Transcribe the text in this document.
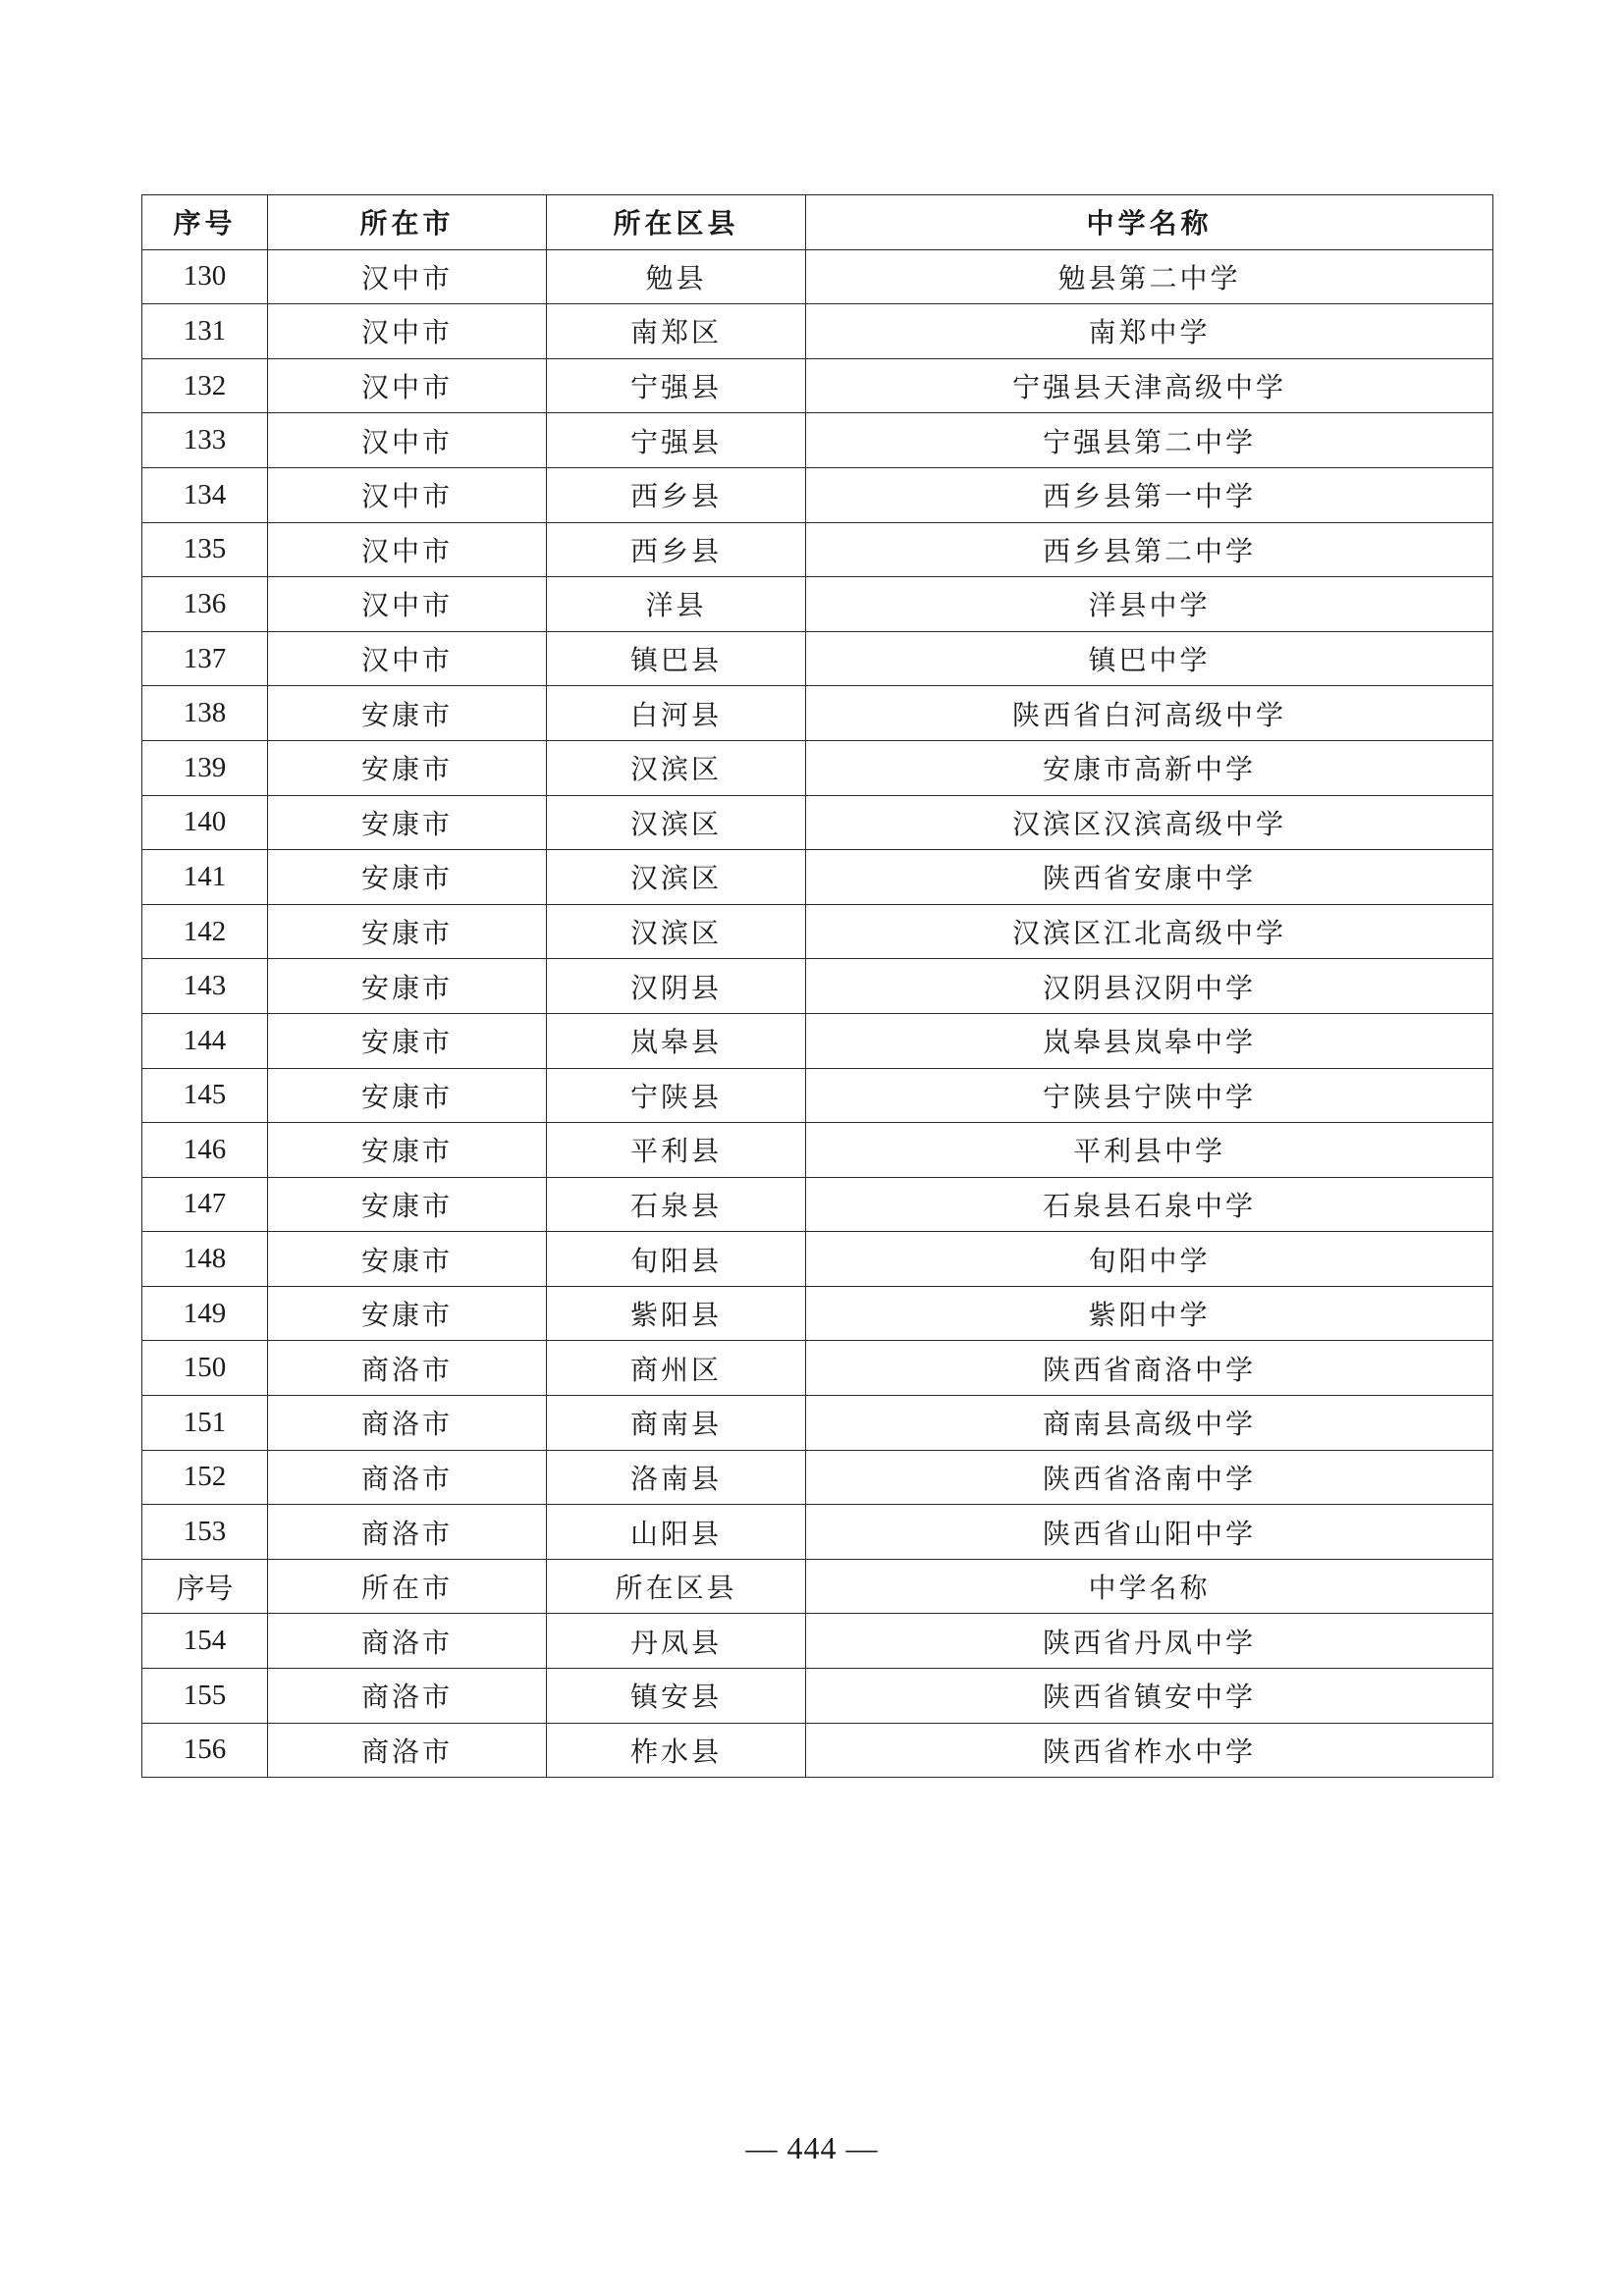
序号	所在市	所在区县	中学名称
130	汉中市	勉县	勉县第二中学
131	汉中市	南郑区	南郑中学
132	汉中市	宁强县	宁强县天津高级中学
133	汉中市	宁强县	宁强县第二中学
134	汉中市	西乡县	西乡县第一中学
135	汉中市	西乡县	西乡县第二中学
136	汉中市	洋县	洋县中学
137	汉中市	镇巴县	镇巴中学
138	安康市	白河县	陕西省白河高级中学
139	安康市	汉滨区	安康市高新中学
140	安康市	汉滨区	汉滨区汉滨高级中学
141	安康市	汉滨区	陕西省安康中学
142	安康市	汉滨区	汉滨区江北高级中学
143	安康市	汉阴县	汉阴县汉阴中学
144	安康市	岚皋县	岚皋县岚皋中学
145	安康市	宁陕县	宁陕县宁陕中学
146	安康市	平利县	平利县中学
147	安康市	石泉县	石泉县石泉中学
148	安康市	旬阳县	旬阳中学
149	安康市	紫阳县	紫阳中学
150	商洛市	商州区	陕西省商洛中学
151	商洛市	商南县	商南县高级中学
152	商洛市	洛南县	陕西省洛南中学
153	商洛市	山阳县	陕西省山阳中学
序号	所在市	所在区县	中学名称
154	商洛市	丹凤县	陕西省丹凤中学
155	商洛市	镇安县	陕西省镇安中学
156	商洛市	柞水县	陕西省柞水中学
— 444 —
